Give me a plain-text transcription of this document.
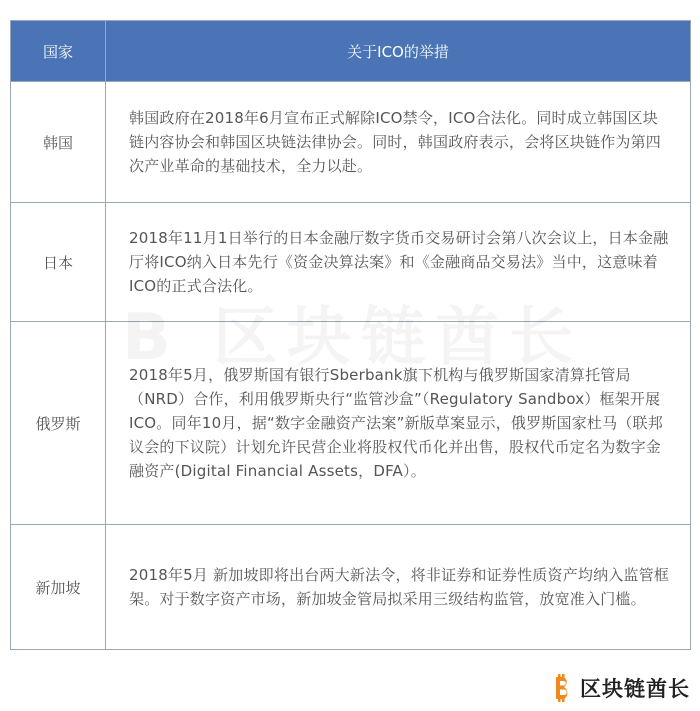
国家	关于ICO的举措
韩国
韩国政府在2018年6月宣布正式解除ICO禁令，ICO合法化。同时成立韩国区块链内容协会和韩国区块链法律协会。同时，韩国政府表示，会将区块链作为第四次产业革命的基础技术，全力以赴。
日本
2018年11月1日举行的日本金融厅数字货币交易研讨会第八次会议上，日本金融厅将ICO纳入日本先行《资金决算法案》和《金融商品交易法》当中，这意味着ICO的正式合法化。
俄罗斯
2018年5月，俄罗斯国有银行Sberbank旗下机构与俄罗斯国家清算托管局（NRD）合作，利用俄罗斯央行“监管沙盒”（Regulatory Sandbox）框架开展ICO。同年10月，据“数字金融资产法案”新版草案显示，俄罗斯国家杜马（联邦议会的下议院）计划允许民营企业将股权代币化并出售，股权代币定名为数字金融资产(Digital Financial Assets，DFA）。
新加坡
2018年5月 新加坡即将出台两大新法令，将非证券和证券性质资产均纳入监管框架。对于数字资产市场，新加坡金管局拟采用三级结构监管，放宽准入门槛。
区块链酋长
